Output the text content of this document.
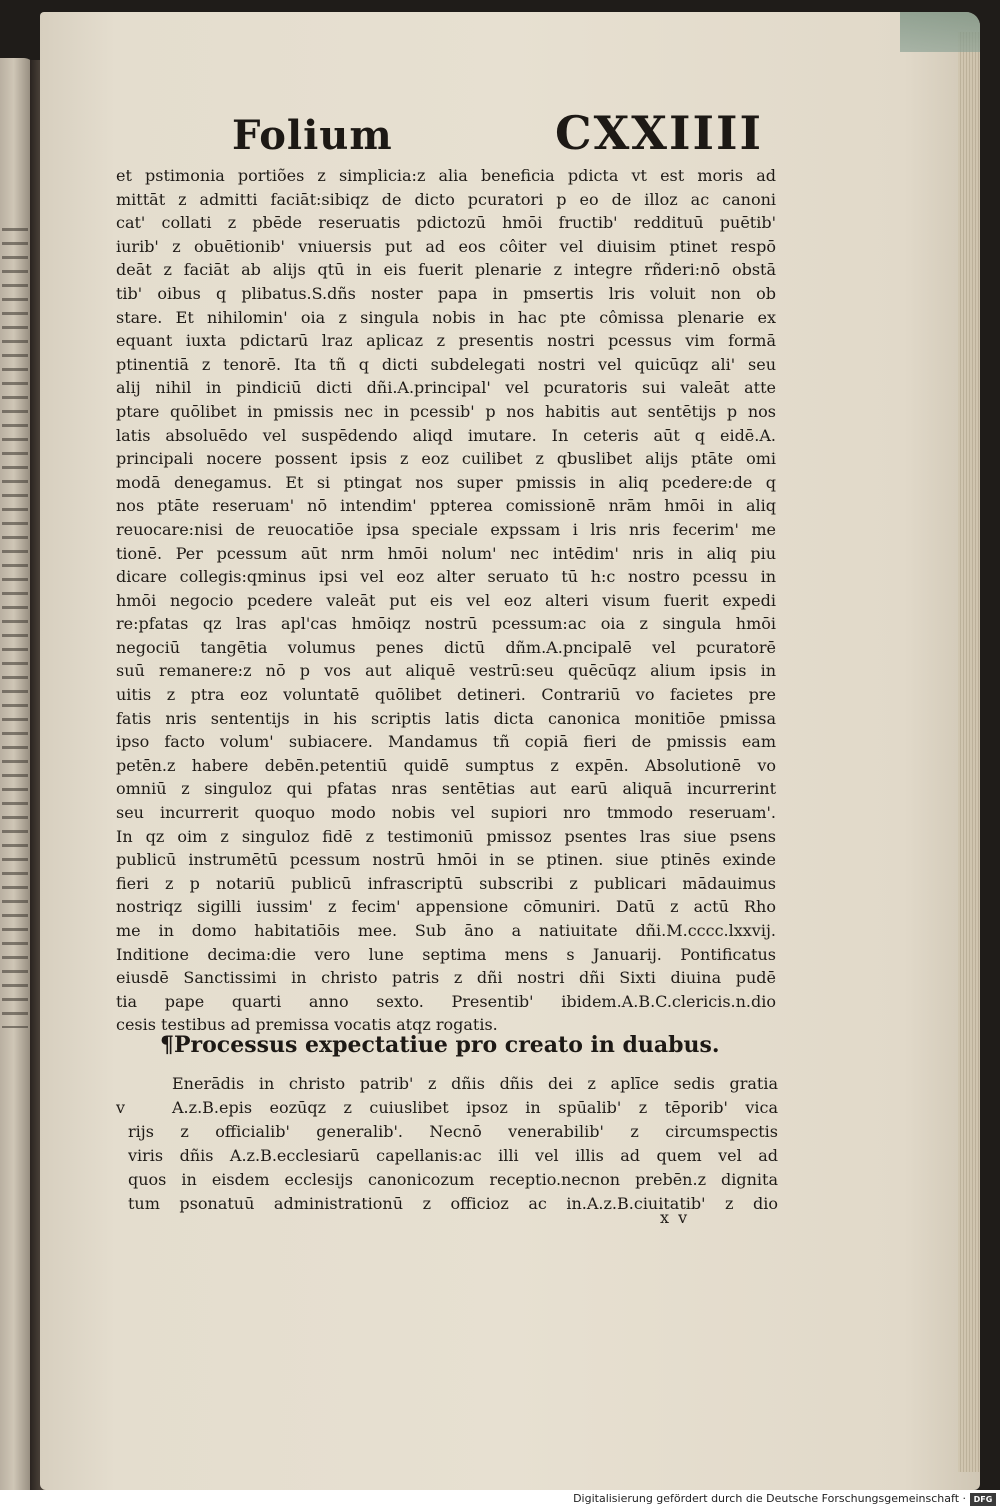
Folium	CXXIIII
et pstimonia portiões z simplicia:z alia beneficia pdicta vt est moris ad
mittāt z admitti faciāt:sibiqz de dicto pcuratori p eo de illoz ac canoni
cat' collati z pbēde reseruatis pdictozū hmōi fructib' reddituū puētib'
iurib' z obuētionib' vniuersis put ad eos côiter vel diuisim ptinet respō
deāt z faciāt ab alijs qtū in eis fuerit plenarie z integre rñderi:nō obstā
tib' oibus q plibatus.S.dñs noster papa in pmsertis lris voluit non ob
stare. Et nihilomin' oia z singula nobis in hac pte cômissa plenarie ex
equant iuxta pdictarū lraz aplicaz z presentis nostri pcessus vim formā
ptinentiā z tenorē. Ita tñ q dicti subdelegati nostri vel quicūqz ali' seu
alij nihil in pindiciū dicti dñi.A.principal' vel pcuratoris sui valeāt atte
ptare quōlibet in pmissis nec in pcessib' p nos habitis aut sentētijs p nos
latis absoluēdo vel suspēdendo aliqd imutare. In ceteris aūt q eidē.A.
principali nocere possent ipsis z eoz cuilibet z qbuslibet alijs ptāte omi
modā denegamus. Et si ptingat nos super pmissis in aliq pcedere:de q
nos ptāte reseruam' nō intendim' ppterea comissionē nrām hmōi in aliq
reuocare:nisi de reuocatiōe ipsa speciale expssam i lris nris fecerim' me
tionē. Per pcessum aūt nrm hmōi nolum' nec intēdim' nris in aliq piu
dicare collegis:qminus ipsi vel eoz alter seruato tū h:c nostro pcessu in
hmōi negocio pcedere valeāt put eis vel eoz alteri visum fuerit expedi
re:pfatas qz lras apl'cas hmōiqz nostrū pcessum:ac oia z singula hmōi
negociū tangētia volumus penes dictū dñm.A.pncipalē vel pcuratorē
suū remanere:z nō p vos aut aliquē vestrū:seu quēcūqz alium ipsis in
uitis z ptra eoz voluntatē quōlibet detineri. Contrariū vo facietes pre
fatis nris sententijs in his scriptis latis dicta canonica monitiōe pmissa
ipso facto volum' subiacere. Mandamus tñ copiā fieri de pmissis eam
petēn.z habere debēn.petentiū quidē sumptus z expēn. Absolutionē vo
omniū z singuloz qui pfatas nras sentētias aut earū aliquā incurrerint
seu incurrerit quoquo modo nobis vel supiori nro tmmodo reseruam'.
In qz oim z singuloz fidē z testimoniū pmissoz psentes lras siue psens
publicū instrumētū pcessum nostrū hmōi in se ptinen. siue ptinēs exinde
fieri z p notariū publicū infrascriptū subscribi z publicari mādauimus
nostriqz sigilli iussim' z fecim' appensione cōmuniri. Datū z actū Rho
me in domo habitatiōis mee. Sub āno a natiuitate dñi.M.cccc.lxxvij.
Inditione decima:die vero lune septima mens s Januarij. Pontificatus
eiusdē Sanctissimi in christo patris z dñi nostri dñi Sixti diuina pudē
tia pape quarti anno sexto. Presentib' ibidem.A.B.C.clericis.n.dio
cesis testibus ad premissa vocatis atqz rogatis.
¶Processus expectatiue pro creato in duabus.
v
Enerādis in christo patrib' z dñis dñis dei z aplīce sedis gratia
A.z.B.epis eozūqz z cuiuslibet ipsoz in spūalib' z tēporib' vica
rijs z officialib' generalib'. Necnō venerabilib' z circumspectis
viris dñis A.z.B.ecclesiarū capellanis:ac illi vel illis ad quem vel ad
quos in eisdem ecclesijs canonicozum receptio.necnon prebēn.z dignita
tum psonatuū administrationū z officioz ac in.A.z.B.ciuitatib' z dio
x v
Digitalisierung gefördert durch die Deutsche Forschungsgemeinschaft · DFG
